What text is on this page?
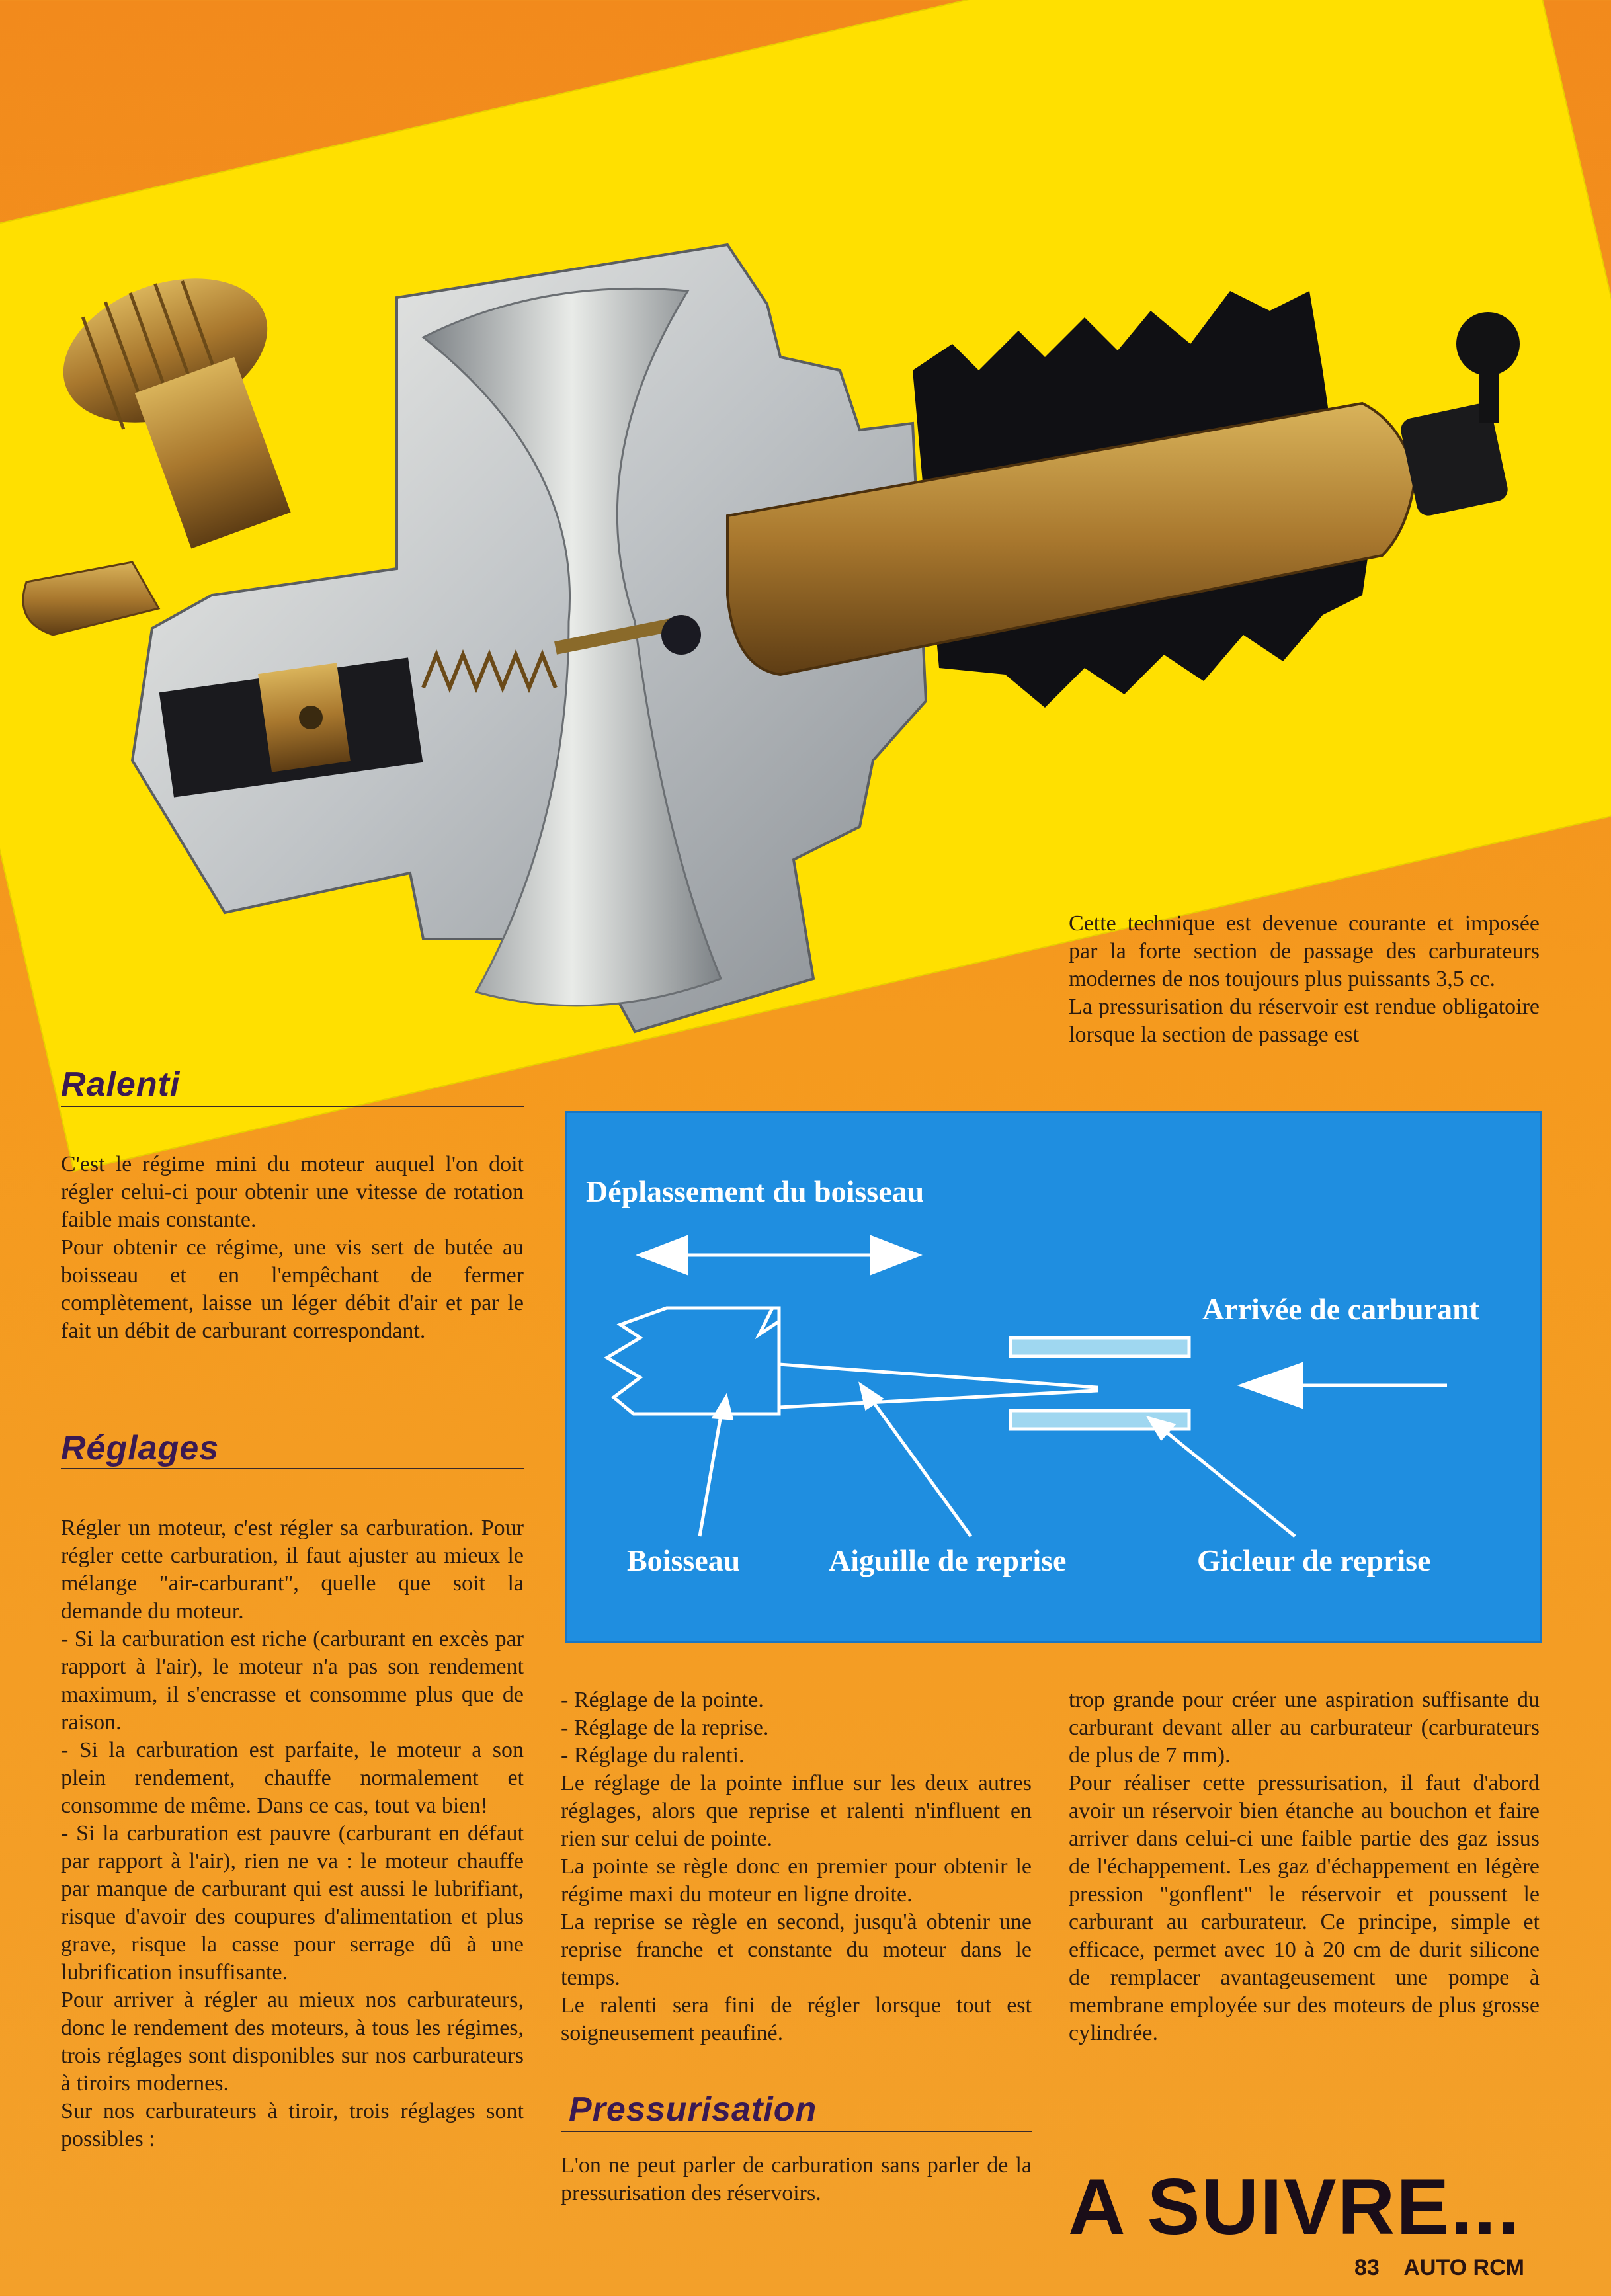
Ralenti

C'est le régime mini du moteur auquel l'on doit régler celui-ci pour obtenir une vitesse de rotation faible mais constante.

Pour obtenir ce régime, une vis sert de butée au boisseau et en l'empêchant de fermer complètement, laisse un léger débit d'air et par le fait un débit de carburant correspondant.

Réglages

Régler un moteur, c'est régler sa carburation. Pour régler cette carburation, il faut ajuster au mieux le mélange "air-carburant", quelle que soit la demande du moteur.

- Si la carburation est riche (carburant en excès par rapport à l'air), le moteur n'a pas son rendement maximum, il s'encrasse et consomme plus que de raison.

- Si la carburation est parfaite, le moteur a son plein rendement, chauffe normalement et consomme de même. Dans ce cas, tout va bien!

- Si la carburation est pauvre (carburant en défaut par rapport à l'air), rien ne va : le moteur chauffe par manque de carburant qui est aussi le lubrifiant, risque d'avoir des coupures d'alimentation et plus grave, risque la casse pour serrage dû à une lubrification insuffisante.

Pour arriver à régler au mieux nos carburateurs, donc le rendement des moteurs, à tous les régimes, trois réglages sont disponibles sur nos carburateurs à tiroirs modernes.

Sur nos carburateurs à tiroir, trois réglages sont possibles :

Cette technique est devenue courante et imposée par la forte section de passage des carburateurs modernes de nos toujours plus puissants 3,5 cc.

La pressurisation du réservoir est rendue obligatoire lorsque la section de passage est

Déplassement du boisseau
Arrivée de carburant
Boisseau	Aiguille de reprise	Gicleur de reprise

- Réglage de la pointe.

- Réglage de la reprise.

- Réglage du ralenti.

Le réglage de la pointe influe sur les deux autres réglages, alors que reprise et ralenti n'influent en rien sur celui de pointe.

La pointe se règle donc en premier pour obtenir le régime maxi du moteur en ligne droite.

La reprise se règle en second, jusqu'à obtenir une reprise franche et constante du moteur dans le temps.

Le ralenti sera fini de régler lorsque tout est soigneusement peaufiné.

Pressurisation

L'on ne peut parler de carburation sans parler de la pressurisation des réservoirs.

trop grande pour créer une aspiration suffisante du carburant devant aller au carburateur (carburateurs de plus de 7 mm).

Pour réaliser cette pressurisation, il faut d'abord avoir un réservoir bien étanche au bouchon et faire arriver dans celui-ci une faible partie des gaz issus de l'échappement. Les gaz d'échappement en légère pression "gonflent" le réservoir et poussent le carburant au carburateur. Ce principe, simple et efficace, permet avec 10 à 20 cm de durit silicone de remplacer avantageusement une pompe à membrane employée sur des moteurs de plus grosse cylindrée.

A SUIVRE...
83 AUTO RCM
